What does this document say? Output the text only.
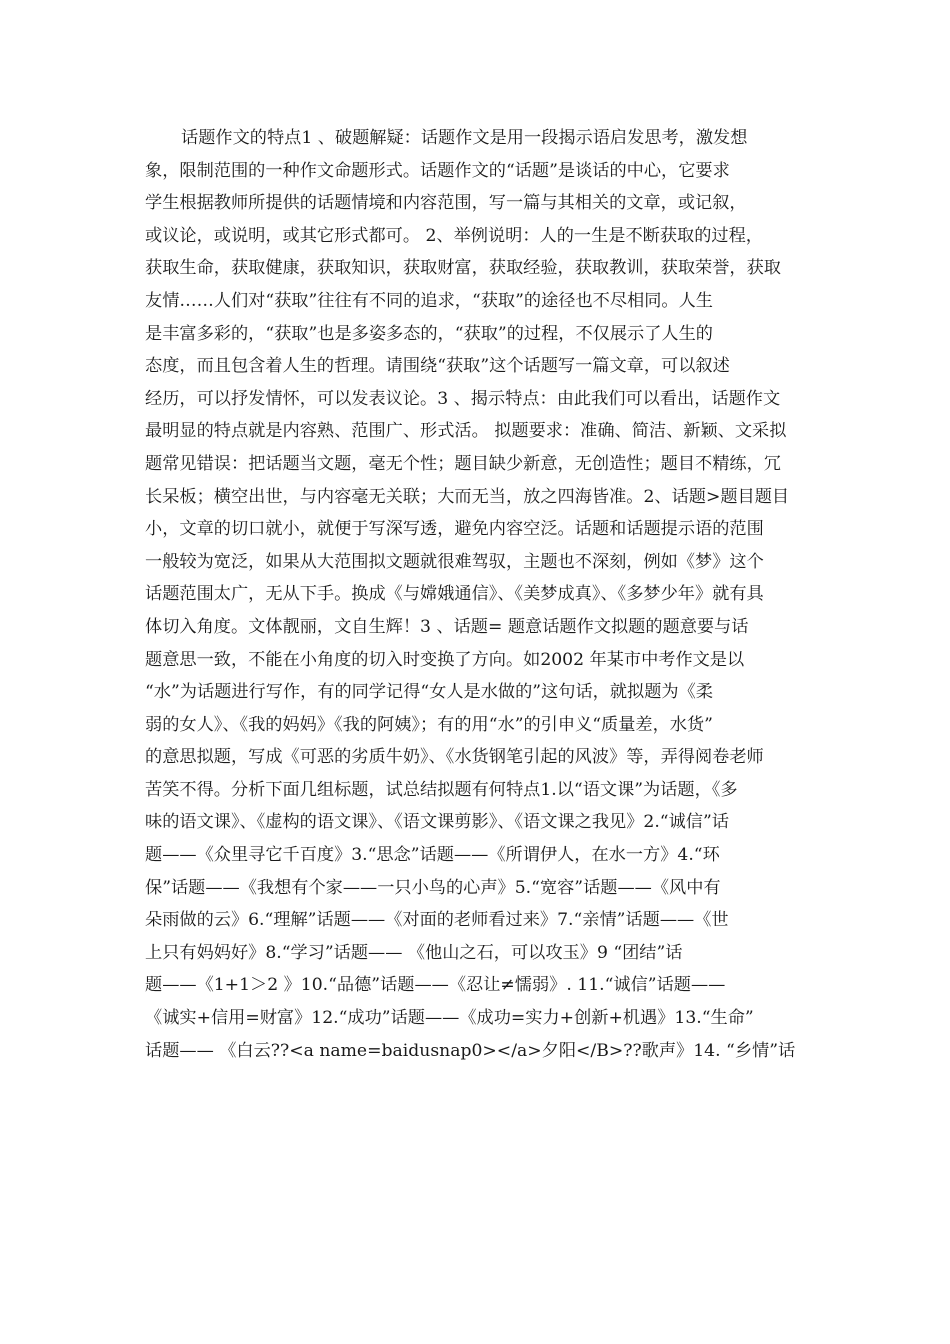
话题作文的特点1 、破题解疑：话题作文是用一段揭示语启发思考，激发想
象，限制范围的一种作文命题形式。话题作文的“话题”是谈话的中心，它要求
学生根据教师所提供的话题情境和内容范围，写一篇与其相关的文章，或记叙，
或议论，或说明，或其它形式都可。 2、举例说明：人的一生是不断获取的过程，
获取生命，获取健康，获取知识，获取财富，获取经验，获取教训，获取荣誉，获取
友情……人们对“获取”往往有不同的追求，“获取”的途径也不尽相同。人生
是丰富多彩的，“获取”也是多姿多态的，“获取”的过程，不仅展示了人生的
态度，而且包含着人生的哲理。请围绕“获取”这个话题写一篇文章，可以叙述
经历，可以抒发情怀，可以发表议论。3 、揭示特点：由此我们可以看出，话题作文
最明显的特点就是内容熟、范围广、形式活。 拟题要求：准确、简洁、新颖、文采拟
题常见错误：把话题当文题，毫无个性；题目缺少新意，无创造性；题目不精练，冗
长呆板；横空出世，与内容毫无关联；大而无当，放之四海皆准。2、话题>题目题目
小，文章的切口就小，就便于写深写透，避免内容空泛。话题和话题提示语的范围
一般较为宽泛，如果从大范围拟文题就很难驾驭，主题也不深刻，例如《梦》这个
话题范围太广，无从下手。换成《与嫦娥通信》、《美梦成真》、《多梦少年》就有具
体切入角度。文体靓丽，文自生辉！3 、话题= 题意话题作文拟题的题意要与话
题意思一致，不能在小角度的切入时变换了方向。如2002 年某市中考作文是以
“水”为话题进行写作，有的同学记得“女人是水做的”这句话，就拟题为《柔
弱的女人》、《我的妈妈》《我的阿姨》；有的用“水”的引申义“质量差，水货”
的意思拟题，写成《可恶的劣质牛奶》、《水货钢笔引起的风波》等，弄得阅卷老师
苦笑不得。分析下面几组标题，试总结拟题有何特点1.以“语文课”为话题，《多
味的语文课》、《虚构的语文课》、《语文课剪影》、《语文课之我见》2.“诚信”话
题——《众里寻它千百度》3.“思念”话题——《所谓伊人，在水一方》4.“环
保”话题——《我想有个家——一只小鸟的心声》5.“宽容”话题——《风中有
朵雨做的云》6.“理解”话题——《对面的老师看过来》7.“亲情”话题——《世
上只有妈妈好》8.“学习”话题—— 《他山之石，可以攻玉》9 “团结”话
题——《1+1＞2 》10.“品德”话题——《忍让≠懦弱》. 11.“诚信”话题——
《诚实+信用=财富》12.“成功”话题——《成功=实力+创新+机遇》13.“生命”
话题—— 《白云??<a name=baidusnap0></a>夕阳</B>??歌声》14. “乡情”话
